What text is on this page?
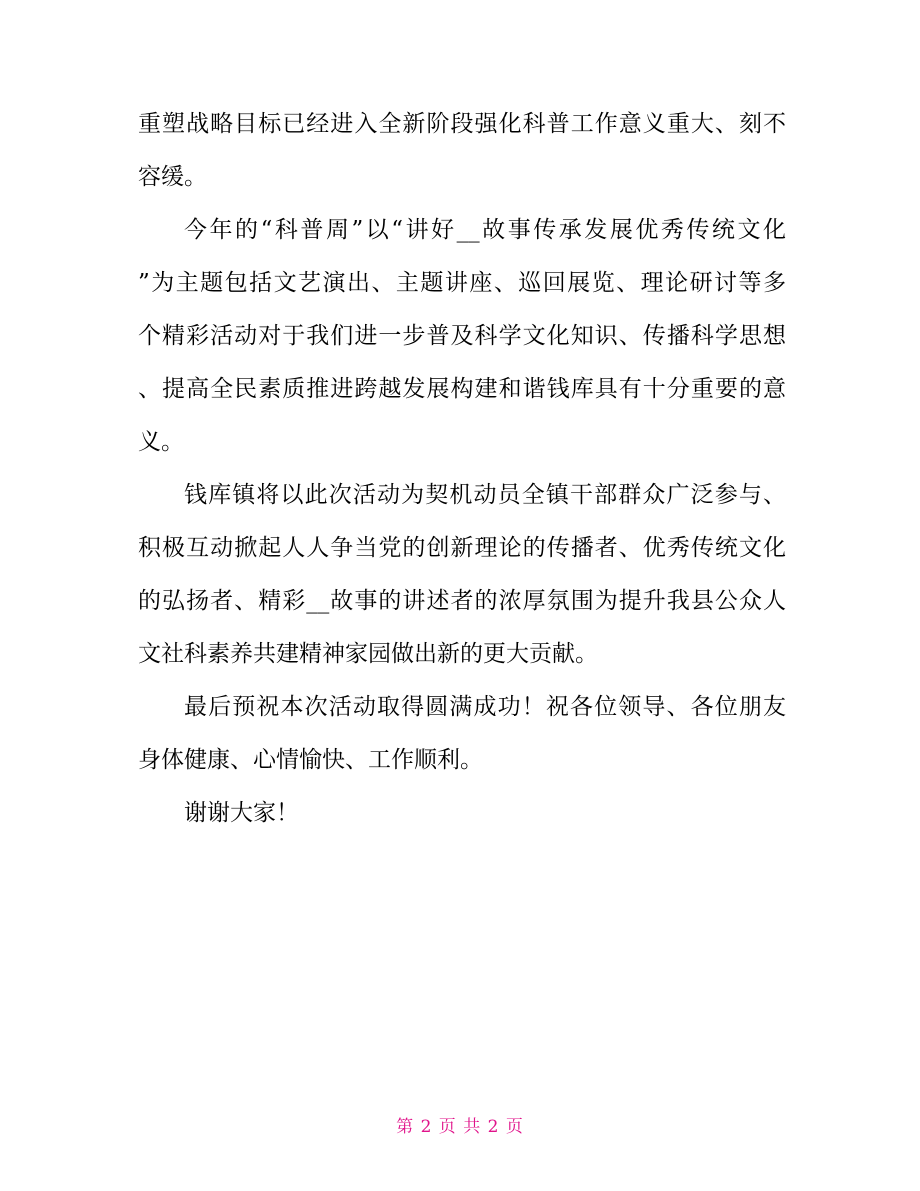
重塑战略目标已经进入全新阶段强化科普工作意义重大、刻不
容缓。
今年的“科普周”以“讲好__故事传承发展优秀传统文化
”为主题包括文艺演出、主题讲座、巡回展览、理论研讨等多
个精彩活动对于我们进一步普及科学文化知识、传播科学思想
、提高全民素质推进跨越发展构建和谐钱库具有十分重要的意
义。
钱库镇将以此次活动为契机动员全镇干部群众广泛参与、
积极互动掀起人人争当党的创新理论的传播者、优秀传统文化
的弘扬者、精彩__故事的讲述者的浓厚氛围为提升我县公众人
文社科素养共建精神家园做出新的更大贡献。
最后预祝本次活动取得圆满成功！祝各位领导、各位朋友
身体健康、心情愉快、工作顺利。
谢谢大家！
第 2 页 共 2 页
